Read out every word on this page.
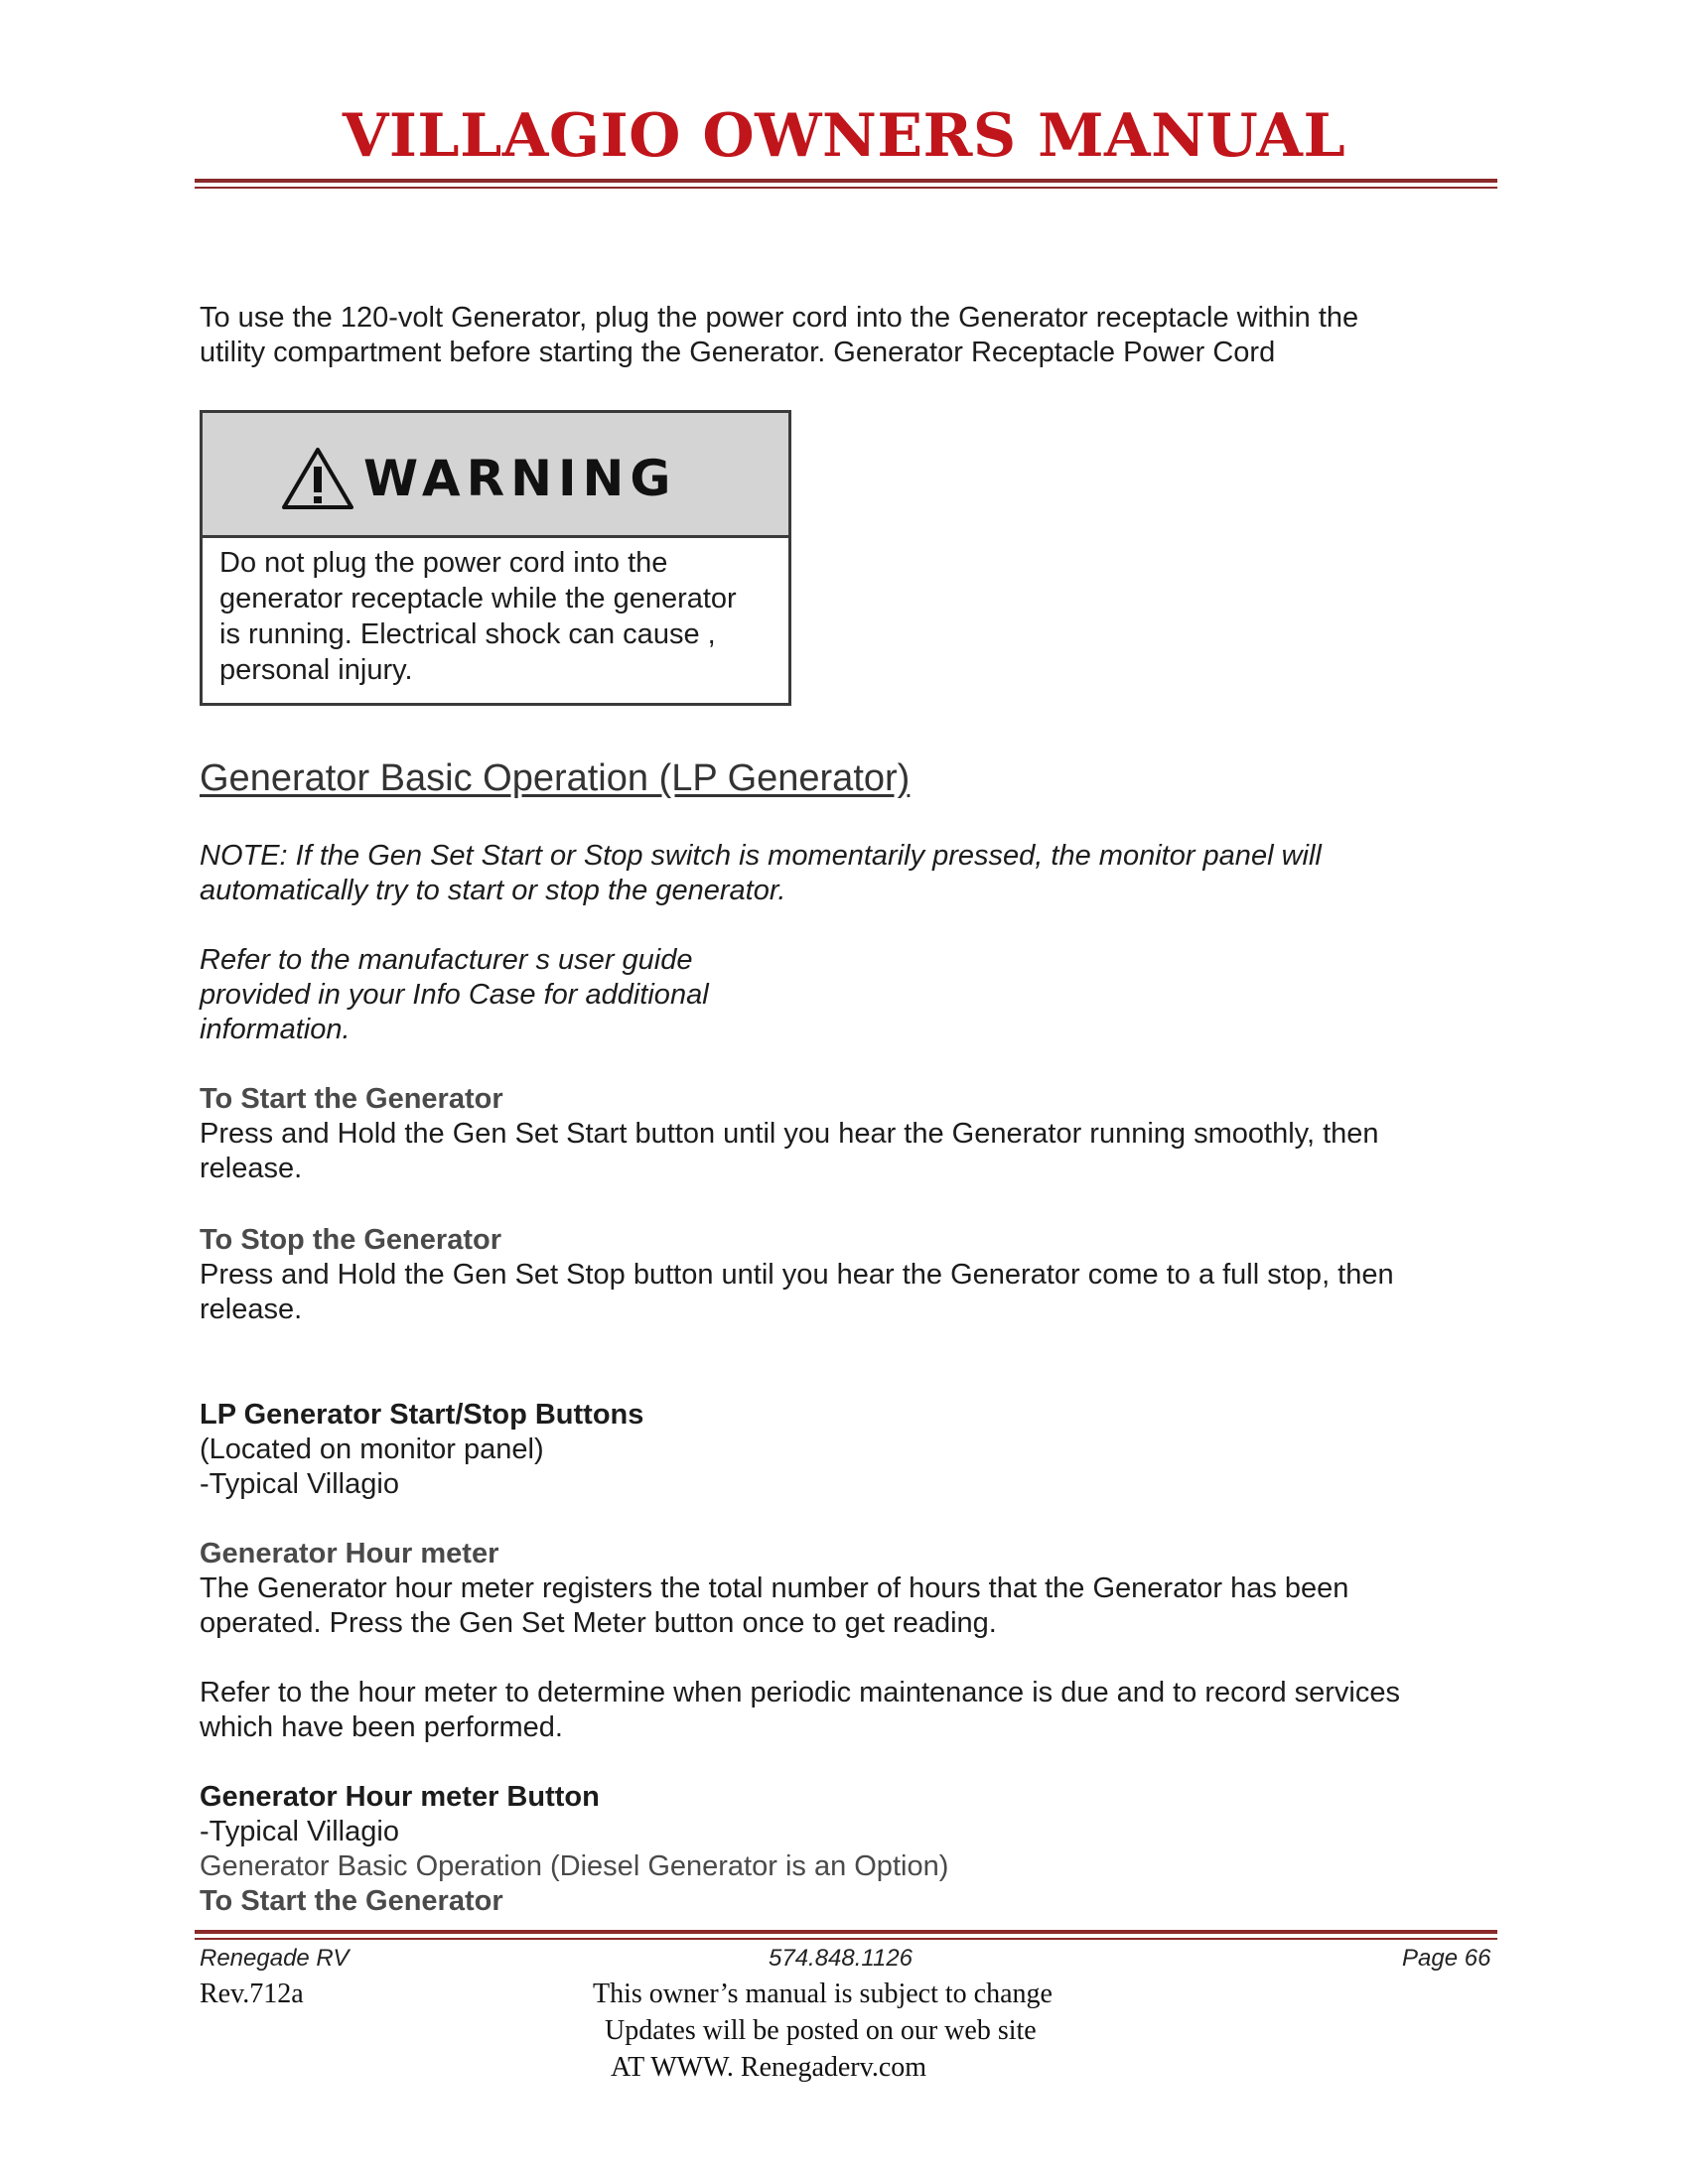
VILLAGIO OWNERS MANUAL
To use the 120-volt Generator, plug the power cord into the Generator receptacle within the
utility compartment before starting the Generator. Generator Receptacle Power Cord
WARNING
Do not plug the power cord into the
generator receptacle while the generator
is running. Electrical shock can cause ,
personal injury.
Generator Basic Operation (LP Generator)
NOTE: If the Gen Set Start or Stop switch is momentarily pressed, the monitor panel will
automatically try to start or stop the generator.
Refer to the manufacturer s user guide
provided in your Info Case for additional
information.
To Start the Generator
Press and Hold the Gen Set Start button until you hear the Generator running smoothly, then
release.
To Stop the Generator
Press and Hold the Gen Set Stop button until you hear the Generator come to a full stop, then
release.
LP Generator Start/Stop Buttons
(Located on monitor panel)
-Typical Villagio
Generator Hour meter
The Generator hour meter registers the total number of hours that the Generator has been
operated. Press the Gen Set Meter button once to get reading.
Refer to the hour meter to determine when periodic maintenance is due and to record services
which have been performed.
Generator Hour meter Button
-Typical Villagio
Generator Basic Operation (Diesel Generator is an Option)
To Start the Generator
Renegade RV	574.848.1126	Page 66
Rev.712a	This owner’s manual is subject to change
Updates will be posted on our web site
AT WWW. Renegaderv.com
